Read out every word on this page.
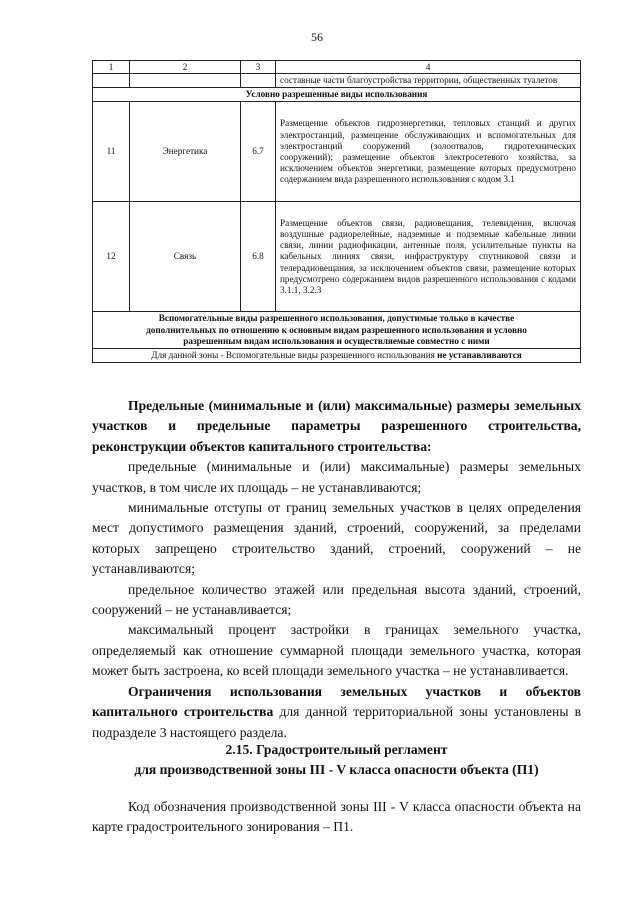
56
1	2	3	4
			составные части благоустройства территории, общественных туалетов
Условно разрешенные виды использования			
11	Энергетика	6.7	Размещение объектов гидроэнергетики, тепловых станций и других электростанций, размещение обслуживающих и вспомогательных для электростанций сооружений (золоотвалов, гидротехнических сооружений); размещение объектов электросетевого хозяйства, за исключением объектов энергетики, размещение которых предусмотрено содержанием вида разрешенного использования с кодом 3.1
12	Связь	6.8	Размещение объектов связи, радиовещания, телевидения, включая воздушные радиорелейные, надземные и подземные кабельные линии связи, линии радиофикации, антенные поля, усилительные пункты на кабельных линиях связи, инфраструктуру спутниковой связи и телерадиовещания, за исключением объектов связи, размещение которых предусмотрено содержанием видов разрешенного использования с кодами 3.1.1, 3.2.3
Вспомогательные виды разрешенного использования, допустимые только в качестве дополнительных по отношению к основным видам разрешенного использования и условно разрешенным видам использования и осуществляемые совместно с ними			
Для данной зоны - Вспомогательные виды разрешенного использования не устанавливаются			

Предельные (минимальные и (или) максимальные) размеры земельных участков и предельные параметры разрешенного строительства, реконструкции объектов капитального строительства:

предельные (минимальные и (или) максимальные) размеры земельных участков, в том числе их площадь – не устанавливаются;

минимальные отступы от границ земельных участков в целях определения мест допустимого размещения зданий, строений, сооружений, за пределами которых запрещено строительство зданий, строений, сооружений – не устанавливаются;

предельное количество этажей или предельная высота зданий, строений, сооружений – не устанавливается;

максимальный процент застройки в границах земельного участка, определяемый как отношение суммарной площади земельного участка, которая может быть застроена, ко всей площади земельного участка – не устанавливается.

Ограничения использования земельных участков и объектов капитального строительства для данной территориальной зоны установлены в подразделе 3 настоящего раздела.

2.15. Градостроительный регламент
для производственной зоны III - V класса опасности объекта (П1)

Код обозначения производственной зоны III - V класса опасности объекта на карте градостроительного зонирования – П1.
